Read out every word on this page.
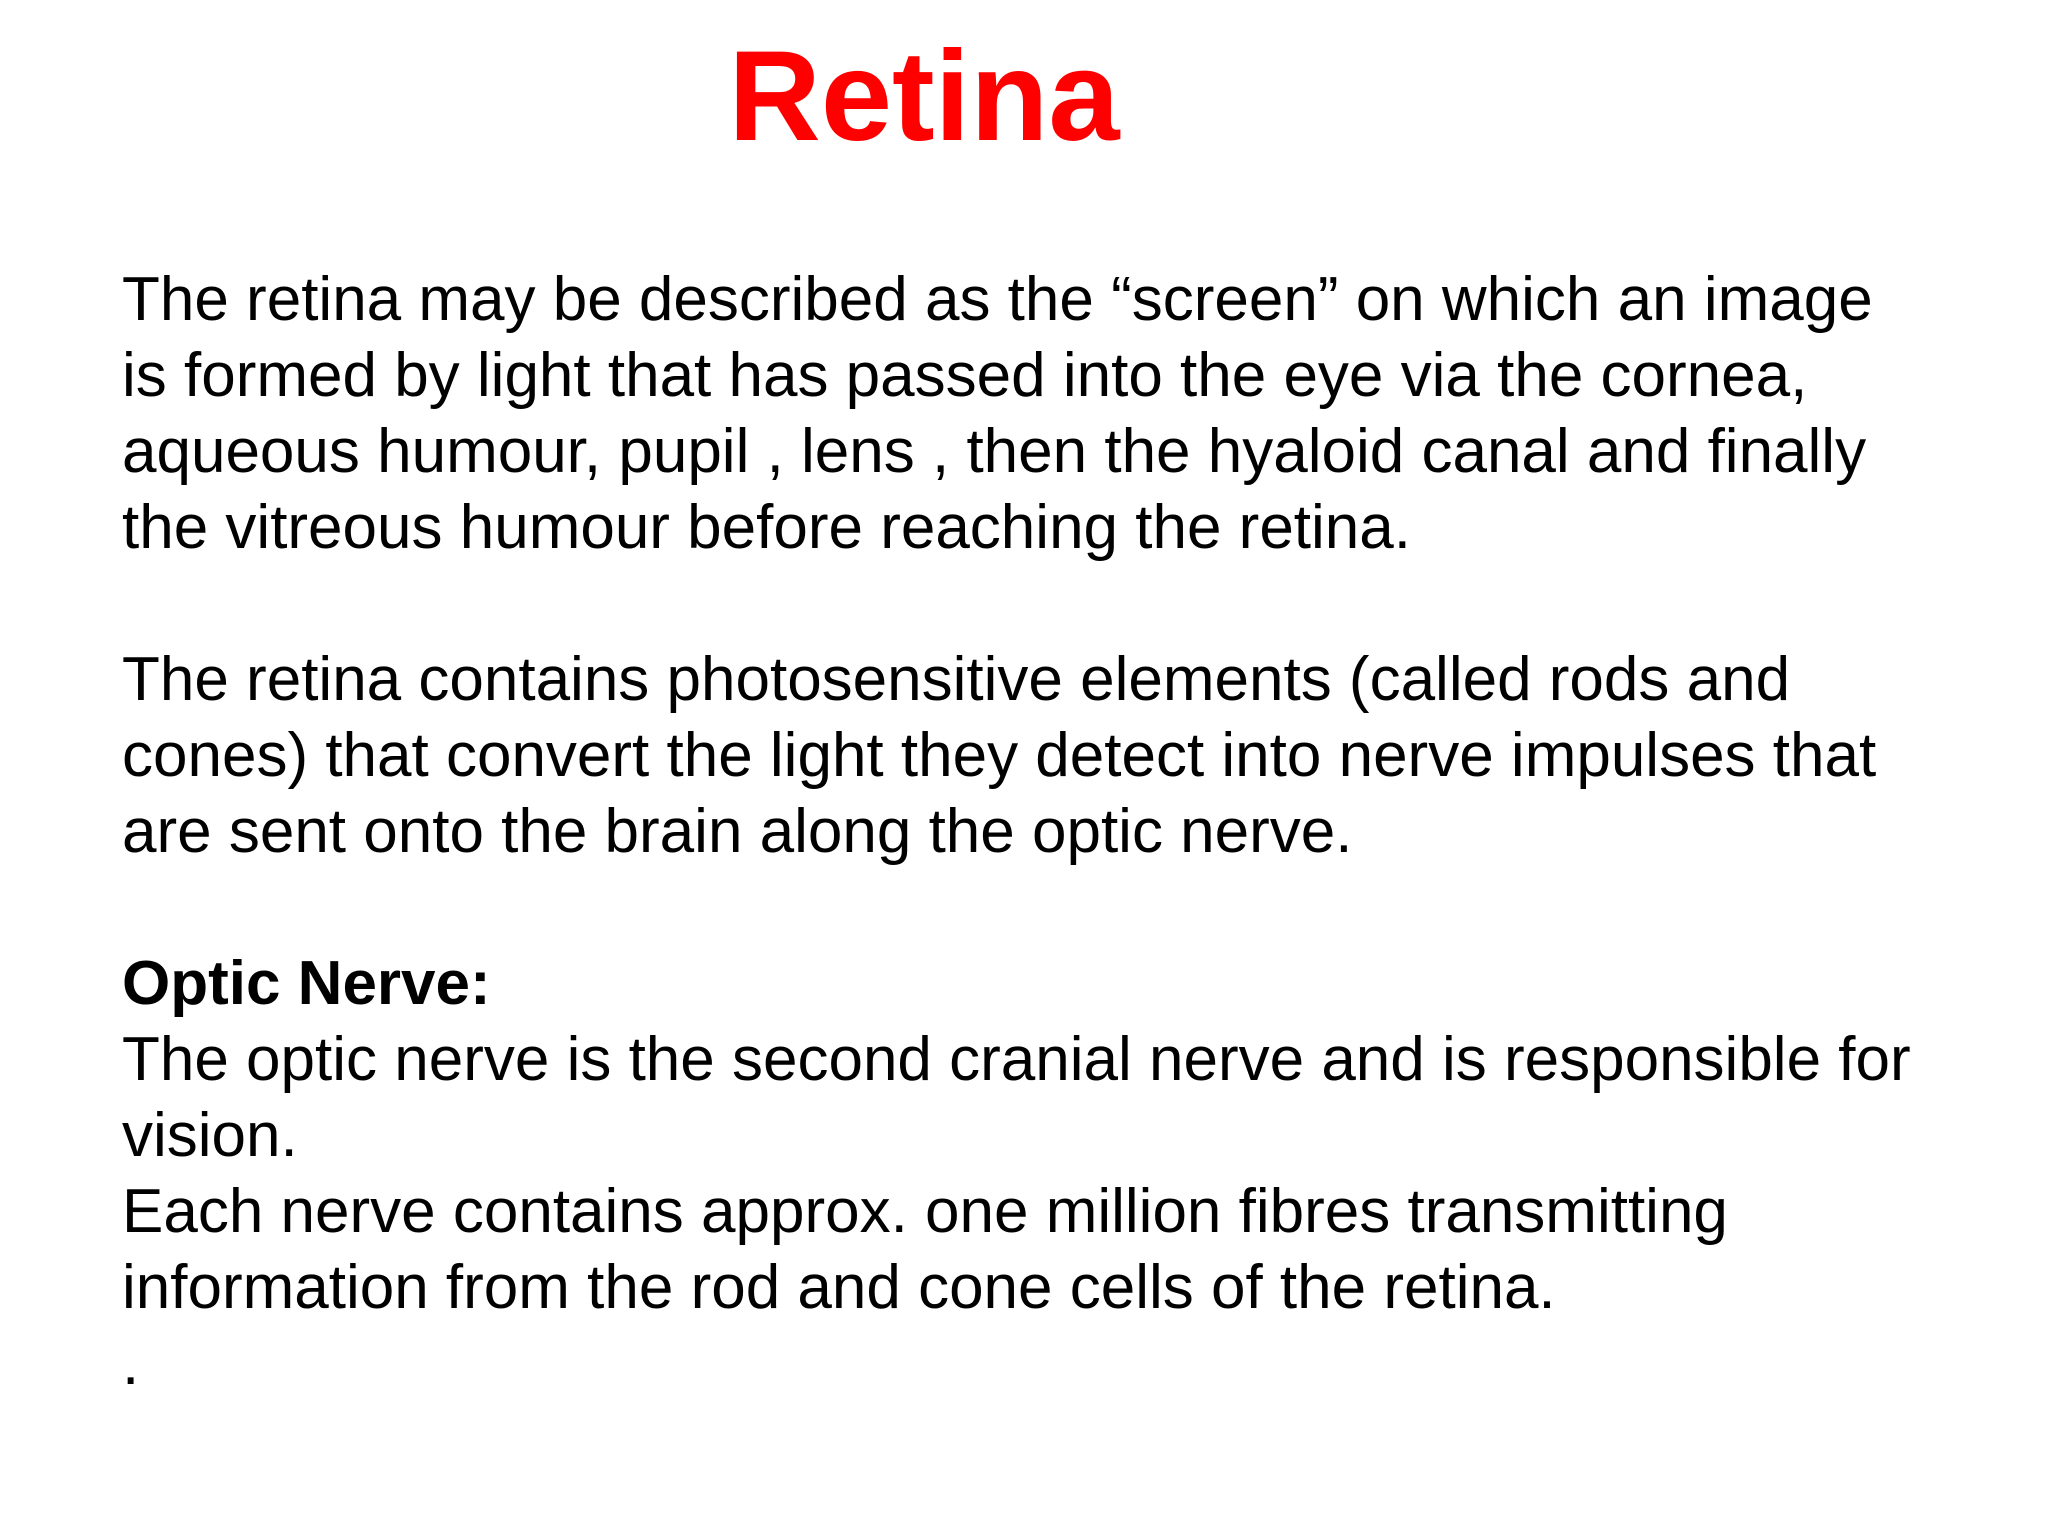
Retina
The retina may be described as the “screen” on which an image
is formed by light that has passed into the eye via the cornea,
aqueous humour, pupil , lens , then the hyaloid canal and finally
the vitreous humour before reaching the retina.
The retina contains photosensitive elements (called rods and
cones) that convert the light they detect into nerve impulses that
are sent onto the brain along the optic nerve.
Optic Nerve:
The optic nerve is the second cranial nerve and is responsible for
vision.
Each nerve contains approx. one million fibres transmitting
information from the rod and cone cells of the retina.
.
